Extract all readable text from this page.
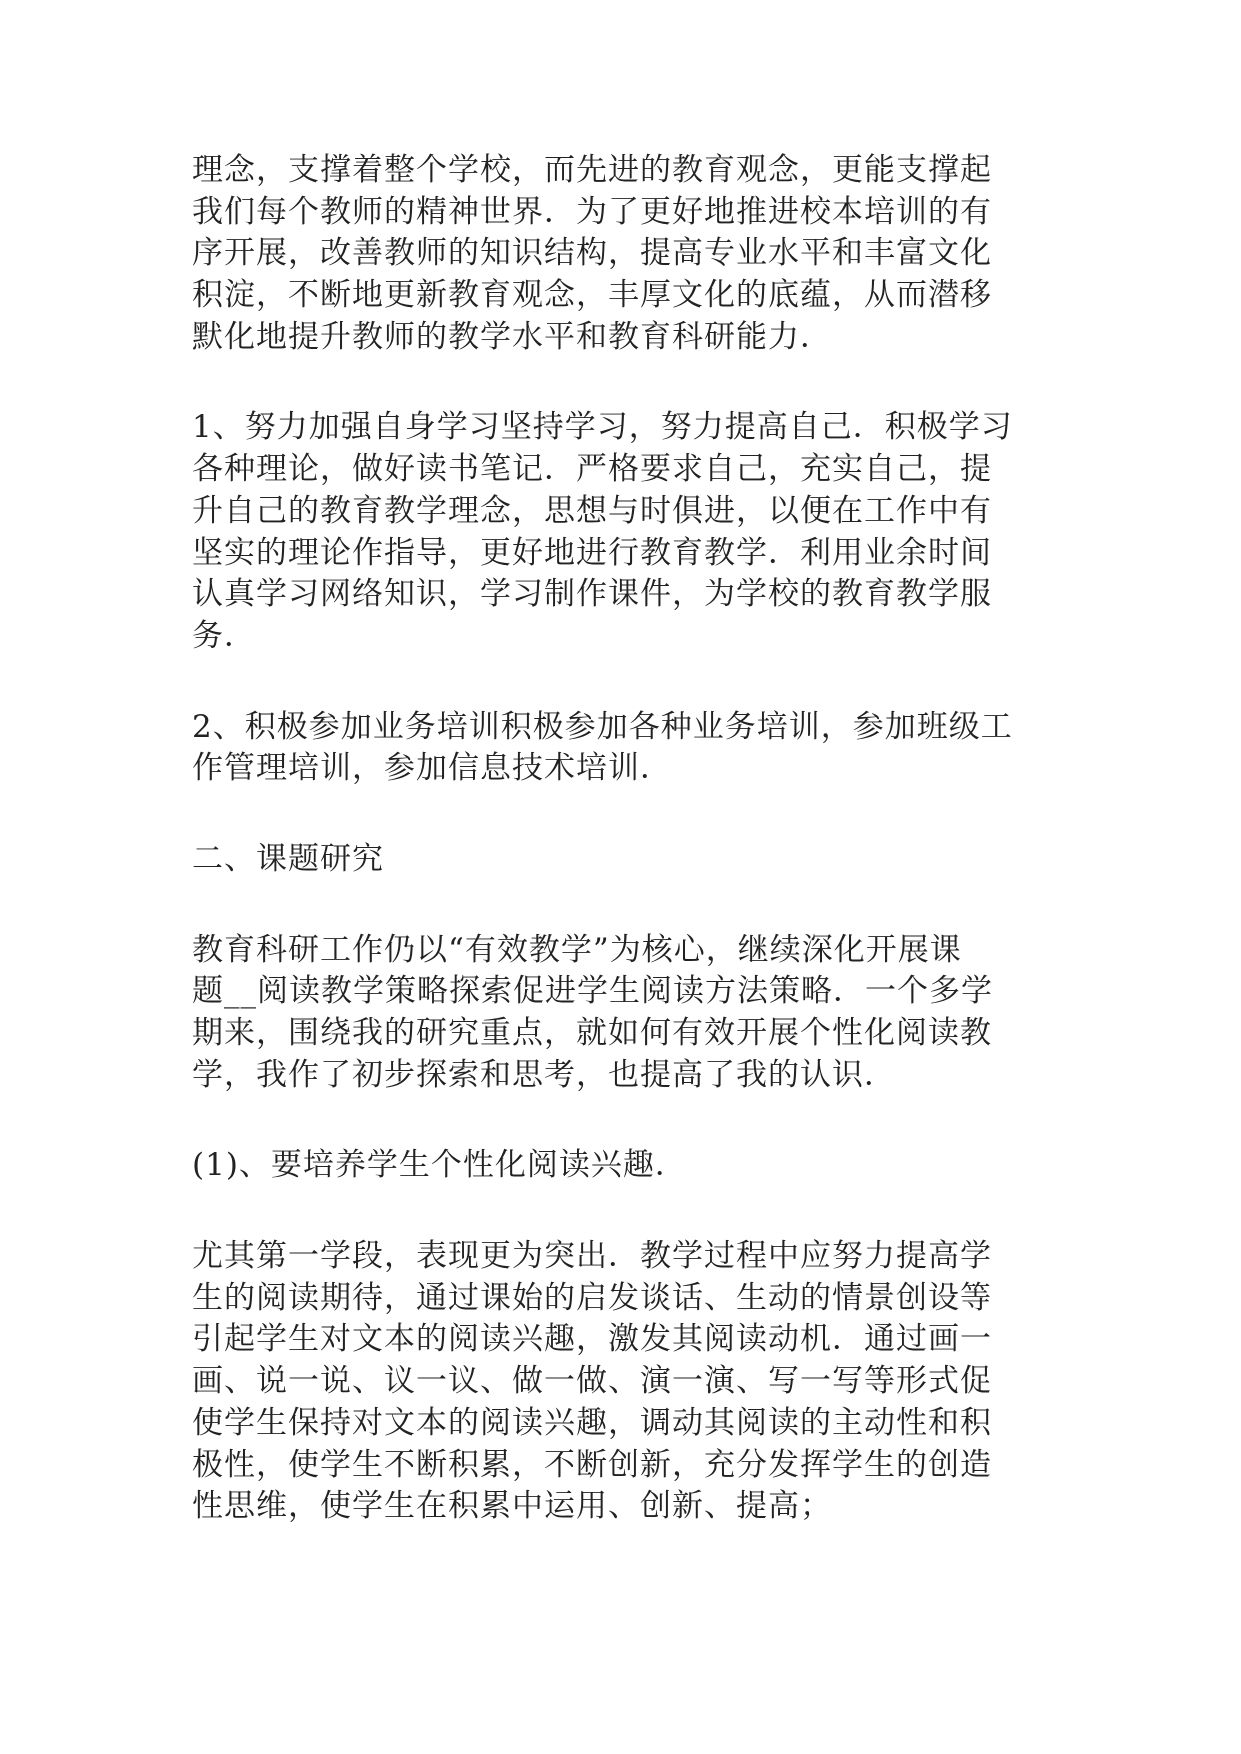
理念，支撑着整个学校，而先进的教育观念，更能支撑起
我们每个教师的精神世界．为了更好地推进校本培训的有
序开展，改善教师的知识结构，提高专业水平和丰富文化
积淀，不断地更新教育观念，丰厚文化的底蕴，从而潜移
默化地提升教师的教学水平和教育科研能力．
1、努力加强自身学习坚持学习，努力提高自己．积极学习
各种理论，做好读书笔记．严格要求自己，充实自己，提
升自己的教育教学理念，思想与时俱进，以便在工作中有
坚实的理论作指导，更好地进行教育教学．利用业余时间
认真学习网络知识，学习制作课件，为学校的教育教学服
务．
2、积极参加业务培训积极参加各种业务培训，参加班级工
作管理培训，参加信息技术培训．
二、课题研究
教育科研工作仍以“有效教学”为核心，继续深化开展课
题__阅读教学策略探索促进学生阅读方法策略．一个多学
期来，围绕我的研究重点，就如何有效开展个性化阅读教
学，我作了初步探索和思考，也提高了我的认识．
(1)、要培养学生个性化阅读兴趣．
尤其第一学段，表现更为突出．教学过程中应努力提高学
生的阅读期待，通过课始的启发谈话、生动的情景创设等
引起学生对文本的阅读兴趣，激发其阅读动机．通过画一
画、说一说、议一议、做一做、演一演、写一写等形式促
使学生保持对文本的阅读兴趣，调动其阅读的主动性和积
极性，使学生不断积累，不断创新，充分发挥学生的创造
性思维，使学生在积累中运用、创新、提高；
